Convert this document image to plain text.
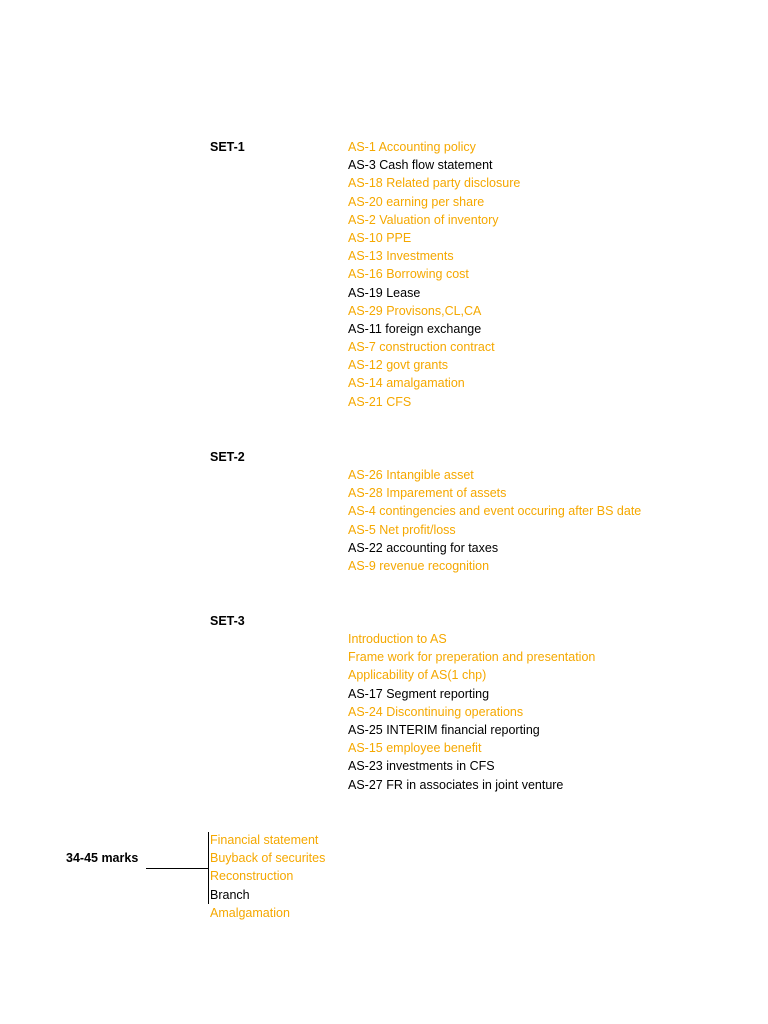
SET-1	AS-1 Accounting policy
AS-3 Cash flow statement
AS-18 Related party disclosure
AS-20 earning per share
AS-2 Valuation of inventory
AS-10 PPE
AS-13 Investments
AS-16 Borrowing cost
AS-19 Lease
AS-29 Provisons,CL,CA
AS-11 foreign exchange
AS-7 construction contract
AS-12 govt grants
AS-14 amalgamation
AS-21 CFS
SET-2
AS-26 Intangible asset
AS-28 Imparement of assets
AS-4 contingencies and event occuring after BS date
AS-5 Net profit/loss
AS-22 accounting for taxes
AS-9 revenue recognition
SET-3
Introduction to AS
Frame work for preperation and presentation
Applicability of AS(1 chp)
AS-17 Segment reporting
AS-24 Discontinuing operations
AS-25 INTERIM financial reporting
AS-15 employee benefit
AS-23 investments in CFS
AS-27 FR in associates in joint venture
34-45 marks
Financial statement
Buyback of securites
Reconstruction
Branch
Amalgamation
